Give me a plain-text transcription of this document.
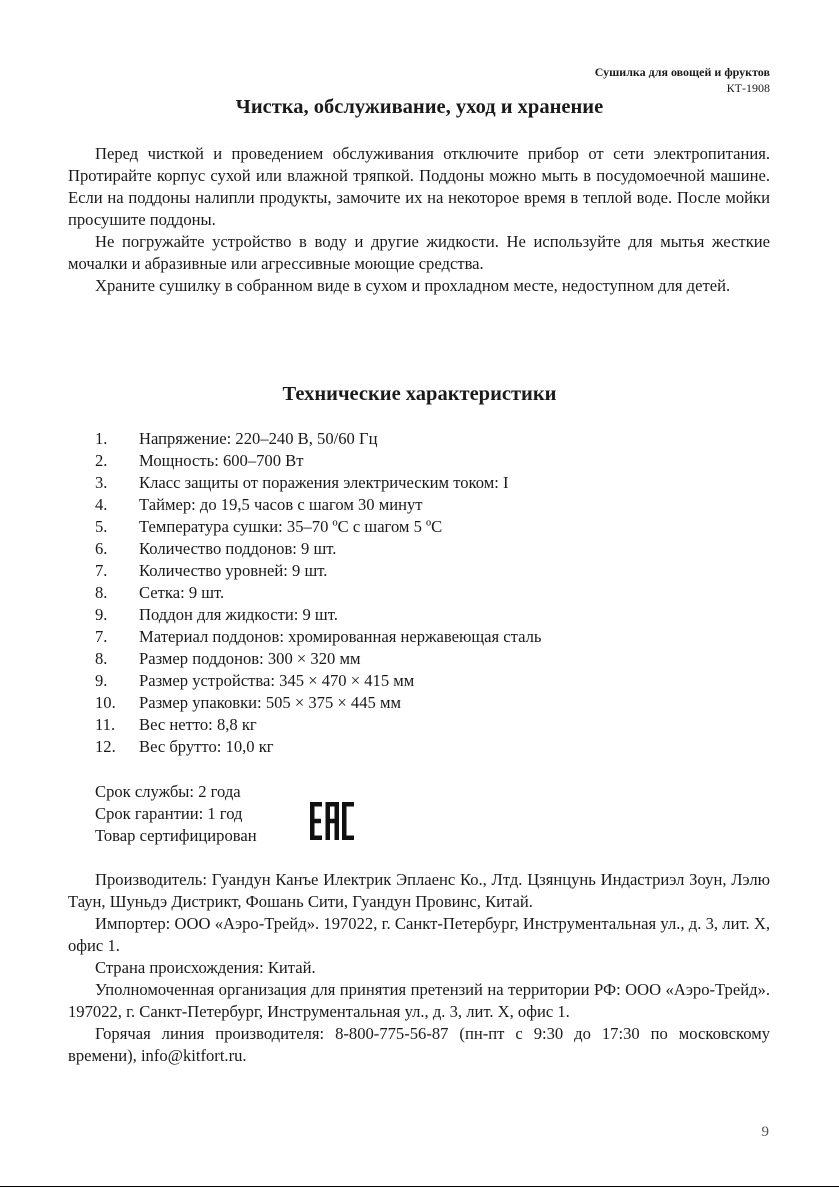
Сушилка для овощей и фруктов
КТ-1908
Чистка, обслуживание, уход и хранение

Перед чисткой и проведением обслуживания отключите прибор от сети электропитания. Протирайте корпус сухой или влажной тряпкой. Поддоны можно мыть в посудомоечной машине. Если на поддоны налипли продукты, замочите их на некоторое время в теплой воде. После мойки просушите поддоны.

Не погружайте устройство в воду и другие жидкости. Не используйте для мытья жесткие мочалки и абразивные или агрессивные моющие средства.

Храните сушилку в собранном виде в сухом и прохладном месте, недоступном для детей.

Технические характеристики
1.	Напряжение: 220–240 В, 50/60 Гц
2.	Мощность: 600–700 Вт
3.	Класс защиты от поражения электрическим током: I
4.	Таймер: до 19,5 часов с шагом 30 минут
5.	Температура сушки: 35–70 ºС с шагом 5 ºС
6.	Количество поддонов: 9 шт.
7.	Количество уровней: 9 шт.
8.	Сетка: 9 шт.
9.	Поддон для жидкости: 9 шт.
7.	Материал поддонов: хромированная нержавеющая сталь
8.	Размер поддонов: 300 × 320 мм
9.	Размер устройства: 345 × 470 × 415 мм
10.	Размер упаковки: 505 × 375 × 445 мм
11.	Вес нетто: 8,8 кг
12.	Вес брутто: 10,0 кг
Срок службы: 2 года
Срок гарантии: 1 год
Товар сертифицирован

Производитель: Гуандун Канъе Илектрик Эплаенс Ко., Лтд. Цзянцунь Индастриэл Зоун, Лэлю Таун, Шуньдэ Дистрикт, Фошань Сити, Гуандун Провинс, Китай.

Импортер: ООО «Аэро-Трейд». 197022, г. Санкт-Петербург, Инструментальная ул., д. 3, лит. Х, офис 1.

Страна происхождения: Китай.

Уполномоченная организация для принятия претензий на территории РФ: ООО «Аэро-Трейд». 197022, г. Санкт-Петербург, Инструментальная ул., д. 3, лит. Х, офис 1.

Горячая линия производителя: 8-800-775-56-87 (пн-пт с 9:30 до 17:30 по московскому времени), info@kitfort.ru.

9
